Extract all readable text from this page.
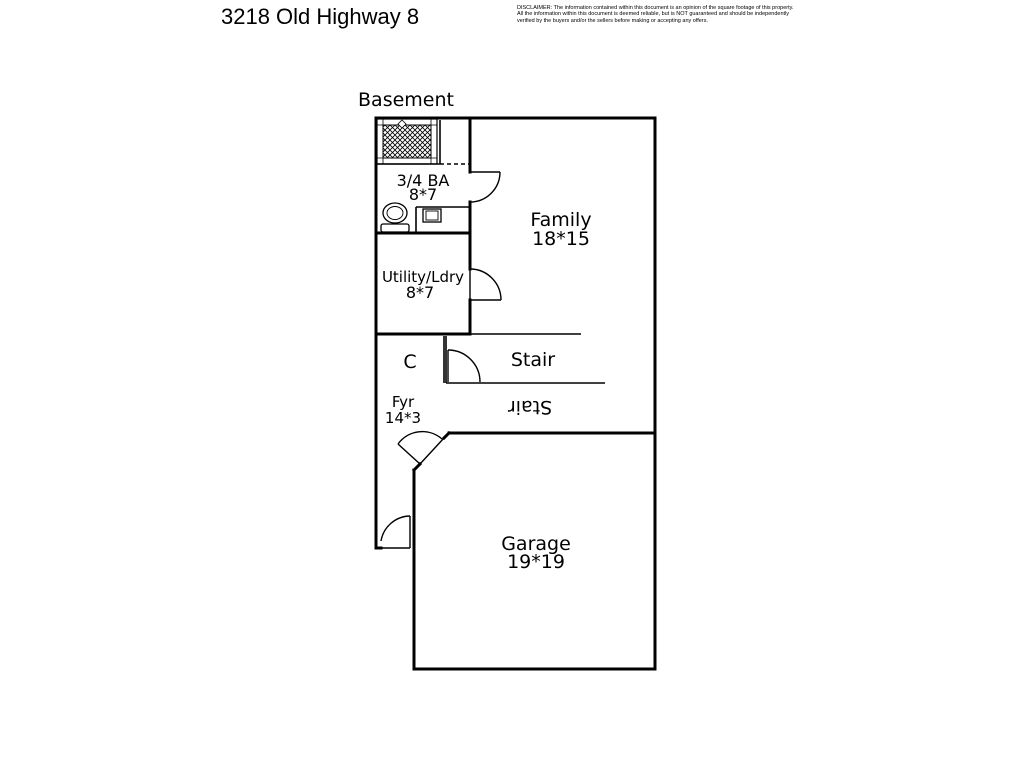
3218 Old Highway 8	DISCLAIMER: The information contained within this document is an opinion of the square footage of this property.
All the information within this document is deemed reliable, but is NOT guaranteed and should be independently
verified by the buyers and/or the sellers before making or accepting any offers.
Basement
3/4 BA
8*7
Family
18*15
Utility/Ldry
8*7
C	Stair
Stair
Fyr
14*3
Garage
19*19
